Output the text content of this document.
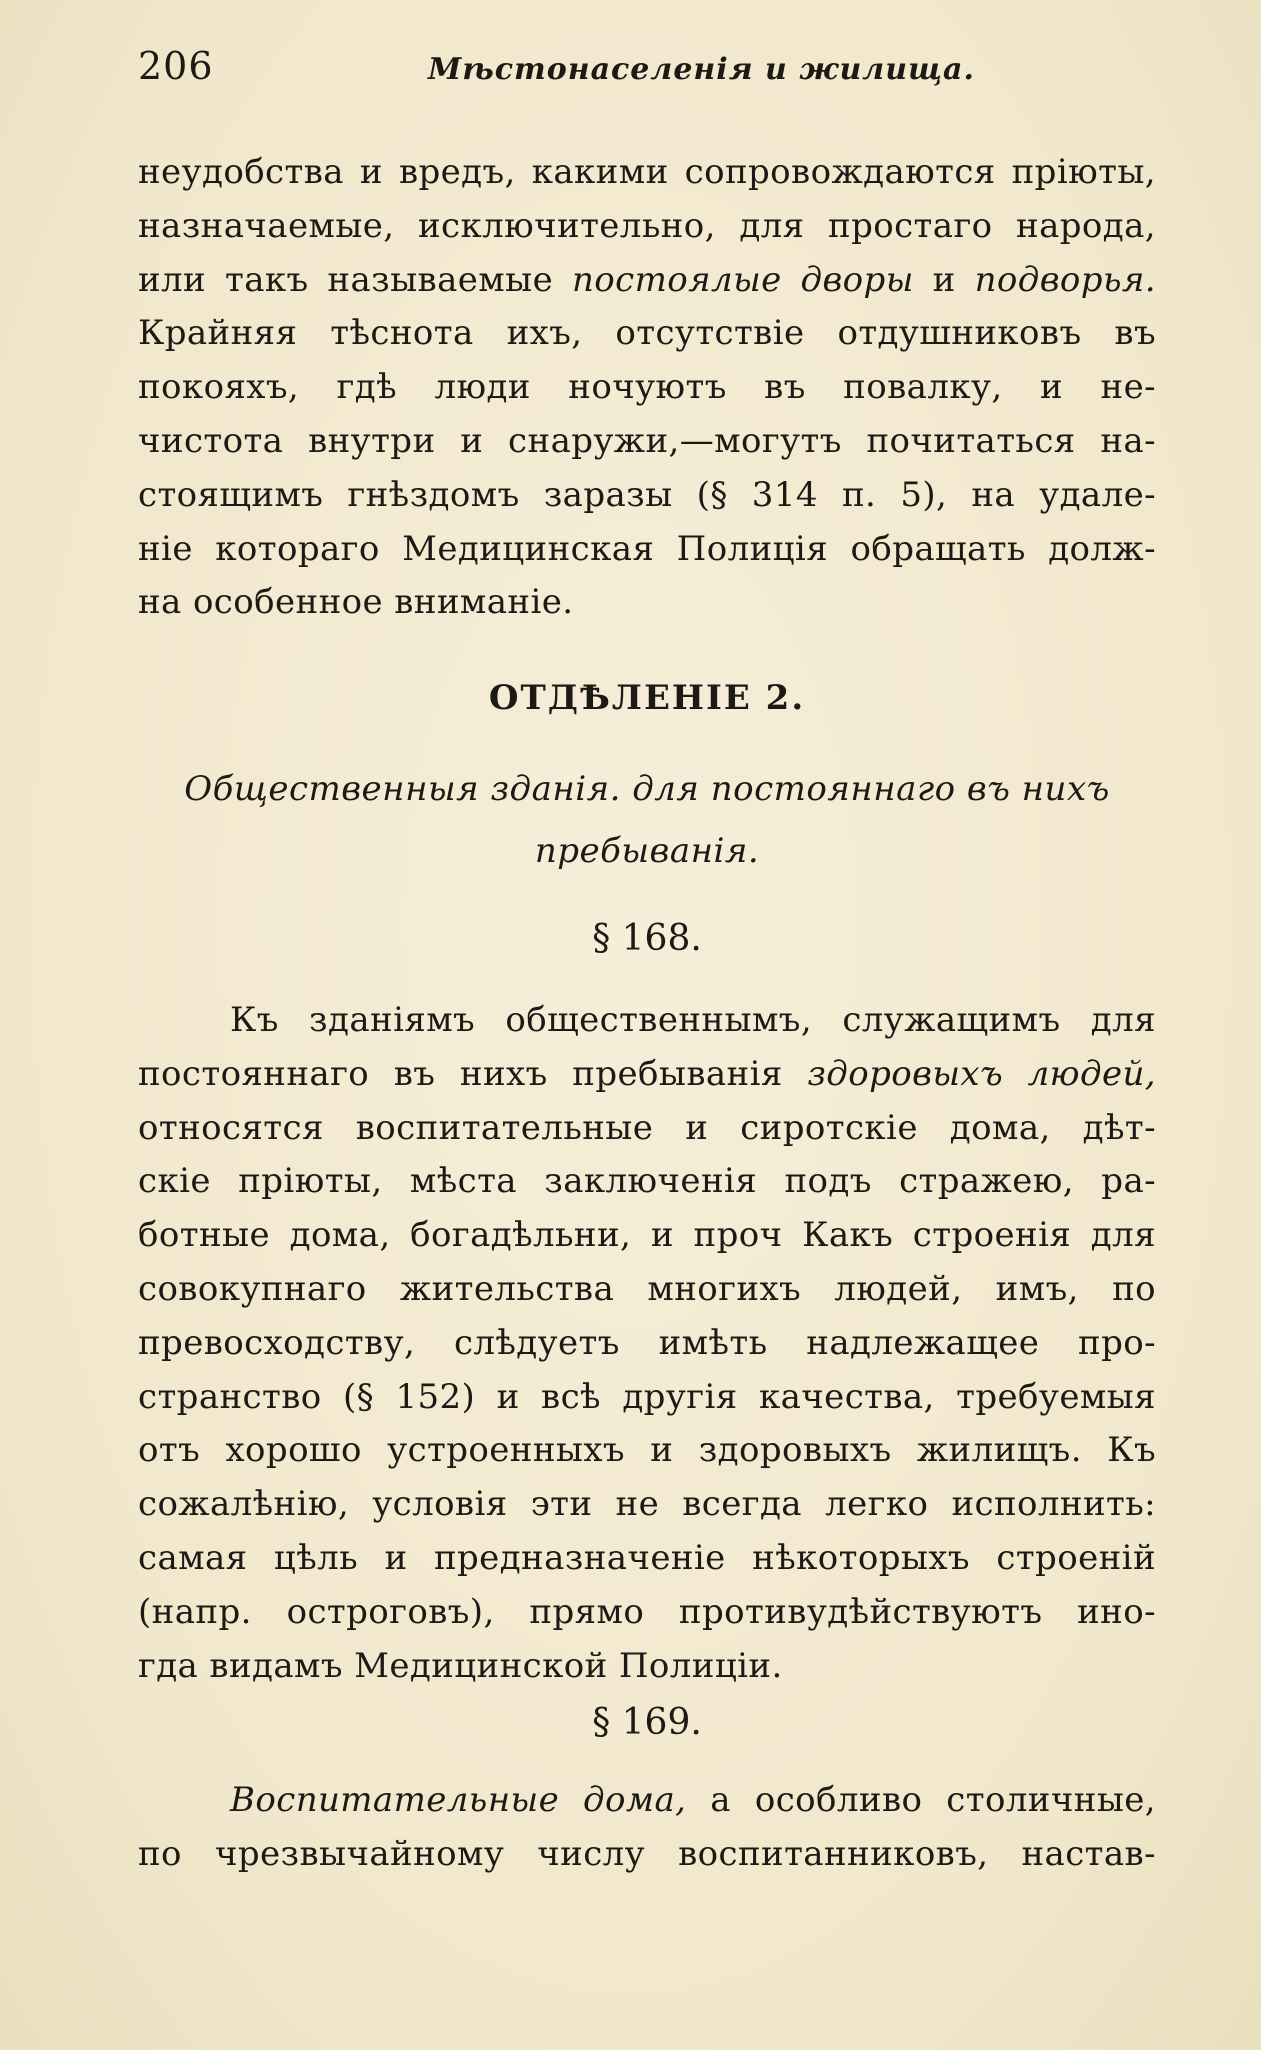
206	Мѣстонаселенія и жилища.
неудобства и вредъ, какими сопровождаются пріюты,
назначаемые, исключительно, для простаго народа,
или такъ называемые постоялые дворы и подворья.
Крайняя тѣснота ихъ, отсутствіе отдушниковъ въ
покояхъ, гдѣ люди ночуютъ въ повалку, и не-
чистота внутри и снаружи,—могутъ почитаться на-
стоящимъ гнѣздомъ заразы (§ 314 п. 5), на удале-
ніе котораго Медицинская Полиція обращать долж-
на особенное вниманіе.
ОТДѢЛЕНІЕ 2.
Общественныя зданія. для постояннаго въ нихъ
пребыванія.
§ 168.
Къ зданіямъ общественнымъ, служащимъ для
постояннаго въ нихъ пребыванія здоровыхъ людей,
относятся воспитательные и сиротскіе дома, дѣт-
скіе пріюты, мѣста заключенія подъ стражею, ра-
ботные дома, богадѣльни, и проч Какъ строенія для
совокупнаго жительства многихъ людей, имъ, по
превосходству, слѣдуетъ имѣть надлежащее про-
странство (§ 152) и всѣ другія качества, требуемыя
отъ хорошо устроенныхъ и здоровыхъ жилищъ. Къ
сожалѣнію, условія эти не всегда легко исполнить:
самая цѣль и предназначеніе нѣкоторыхъ строеній
(напр. остроговъ), прямо противудѣйствуютъ ино-
гда видамъ Медицинской Полиціи.
§ 169.
Воспитательные дома, а особливо столичные,
по чрезвычайному числу воспитанниковъ, настав-
